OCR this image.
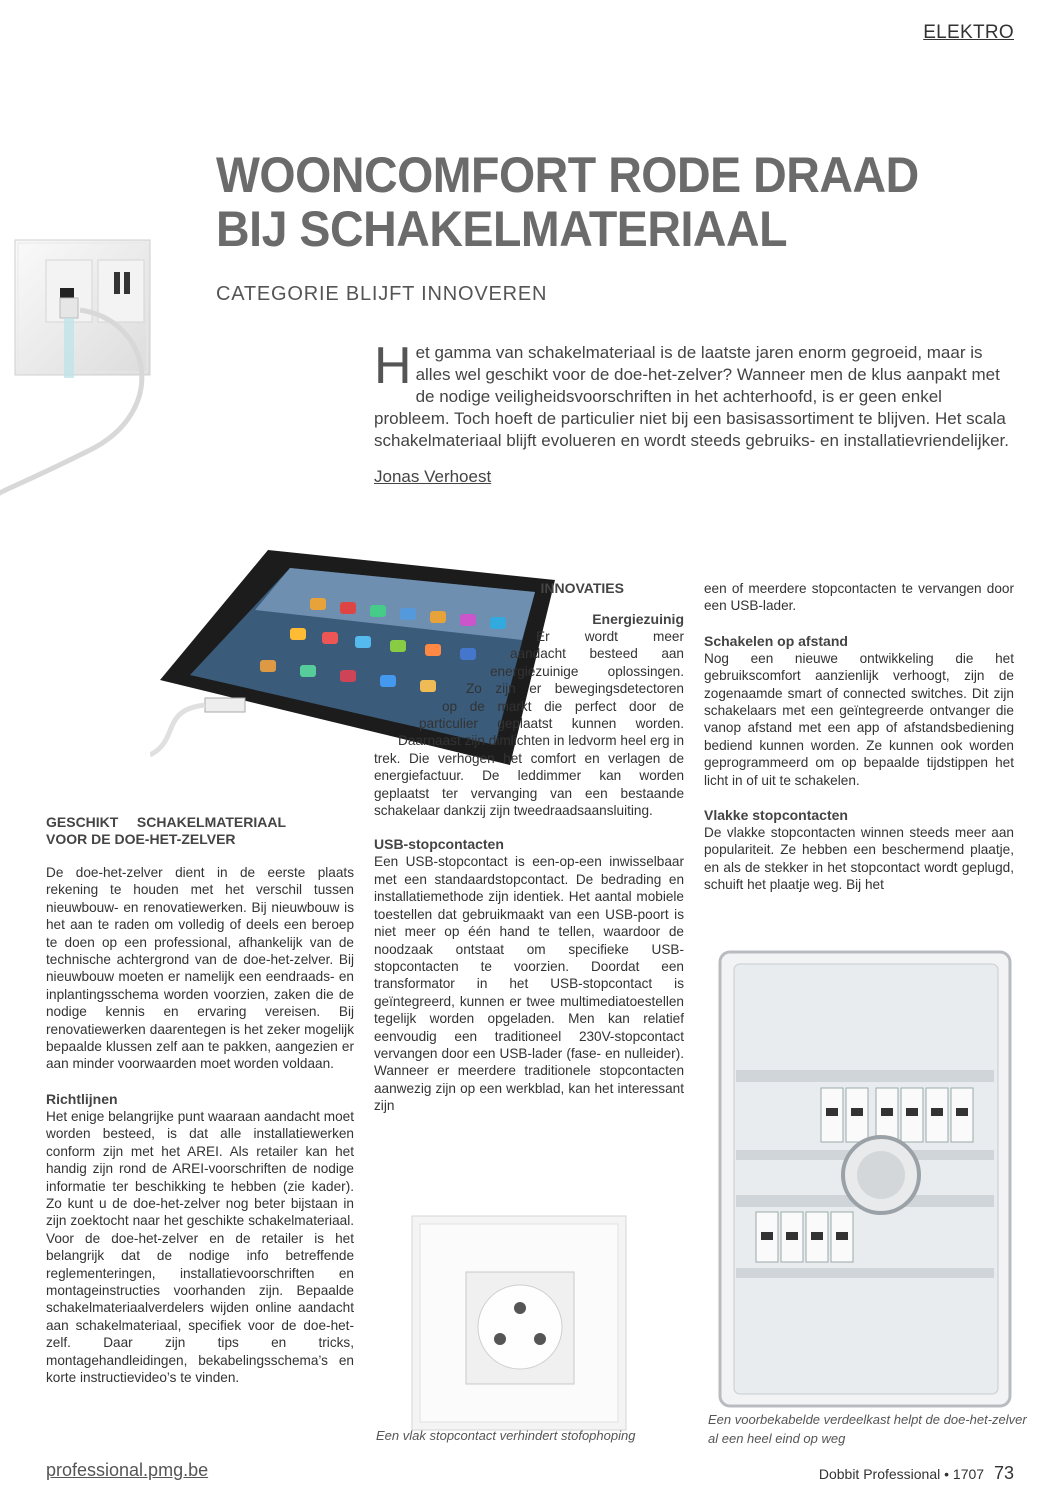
ELEKTRO
WOONCOMFORT RODE DRAAD
BIJ SCHAKELMATERIAAL
CATEGORIE BLIJFT INNOVEREN
H et gamma van schakelmateriaal is de laatste jaren enorm gegroeid, maar is alles wel geschikt voor de doe-het-zelver? Wanneer men de klus aanpakt met de nodige veiligheidsvoorschriften in het achterhoofd, is er geen enkel probleem. Toch hoeft de particulier niet bij een basisassortiment te blijven. Het scala schakelmateriaal blijft evolueren en wordt steeds gebruiks- en installatievriendelijker.
Jonas Verhoest
GESCHIKT SCHAKELMATERIAAL VOOR DE DOE-HET-ZELVER

De doe-het-zelver dient in de eerste plaats rekening te houden met het verschil tussen nieuwbouw- en renovatiewerken. Bij nieuwbouw is het aan te raden om volledig of deels een beroep te doen op een professional, afhankelijk van de technische achtergrond van de doe-het-zelver. Bij nieuwbouw moeten er namelijk een eendraads- en inplantingsschema worden voorzien, zaken die de nodige kennis en ervaring vereisen. Bij renovatiewerken daarentegen is het zeker mogelijk bepaalde klussen zelf aan te pakken, aangezien er aan minder voorwaarden moet worden voldaan.

Richtlijnen

Het enige belangrijke punt waaraan aandacht moet worden besteed, is dat alle installatiewerken conform zijn met het AREI. Als retailer kan het handig zijn rond de AREI-voorschriften de nodige informatie ter beschikking te hebben (zie kader). Zo kunt u de doe-het-zelver nog beter bijstaan in zijn zoektocht naar het geschikte schakelmateriaal. Voor de doe-het-zelver en de retailer is het belangrijk dat de nodige info betreffende reglementeringen, installatievoorschriften en montageinstructies voorhanden zijn. Bepaalde schakelmateriaalverdelers wijden online aandacht aan schakelmateriaal, specifiek voor de doe-het-zelf. Daar zijn tips en tricks, montagehandleidingen, bekabelingsschema’s en korte instructievideo’s te vinden.

INNOVATIES
Energiezuinig

Er wordt meer

aandacht besteed aan

energiezuinige oplossingen.

Zo zijn er bewegingsdetectoren

op de markt die perfect door de

particulier geplaatst kunnen worden.

Daarnaast zijn dimlichten in ledvorm heel erg in trek. Die verhogen het comfort en verlagen de energiefactuur. De leddimmer kan worden geplaatst ter vervanging van een bestaande schakelaar dankzij zijn tweedraadsaansluiting.

USB-stopcontacten

Een USB-stopcontact is een-op-een inwisselbaar met een standaardstopcontact. De bedrading en installatiemethode zijn identiek. Het aantal mobiele toestellen dat gebruikmaakt van een USB-poort is niet meer op één hand te tellen, waardoor de noodzaak ontstaat om specifieke USB-stopcontacten te voorzien. Doordat een transformator in het USB-stopcontact is geïntegreerd, kunnen er twee multimediatoestellen tegelijk worden opgeladen. Men kan relatief eenvoudig een traditioneel 230V-stopcontact vervangen door een USB-lader (fase- en nulleider). Wanneer er meerdere traditionele stopcontacten aanwezig zijn op een werkblad, kan het interessant zijn

een of meerdere stopcontacten te vervangen door een USB-lader.

Schakelen op afstand

Nog een nieuwe ontwikkeling die het gebruikscomfort aanzienlijk verhoogt, zijn de zogenaamde smart of connected switches. Dit zijn schakelaars met een geïntegreerde ontvanger die vanop afstand met een app of afstandsbediening bediend kunnen worden. Ze kunnen ook worden geprogrammeerd om op bepaalde tijdstippen het licht in of uit te schakelen.

Vlakke stopcontacten

De vlakke stopcontacten winnen steeds meer aan populariteit. Ze hebben een beschermend plaatje, en als de stekker in het stopcontact wordt geplugd, schuift het plaatje weg. Bij het

Een vlak stopcontact verhindert stofophoping
Een voorbekabelde verdeelkast helpt de doe-het-zelver
al een heel eind op weg
professional.pmg.be	Dobbit Professional • 1707 73
